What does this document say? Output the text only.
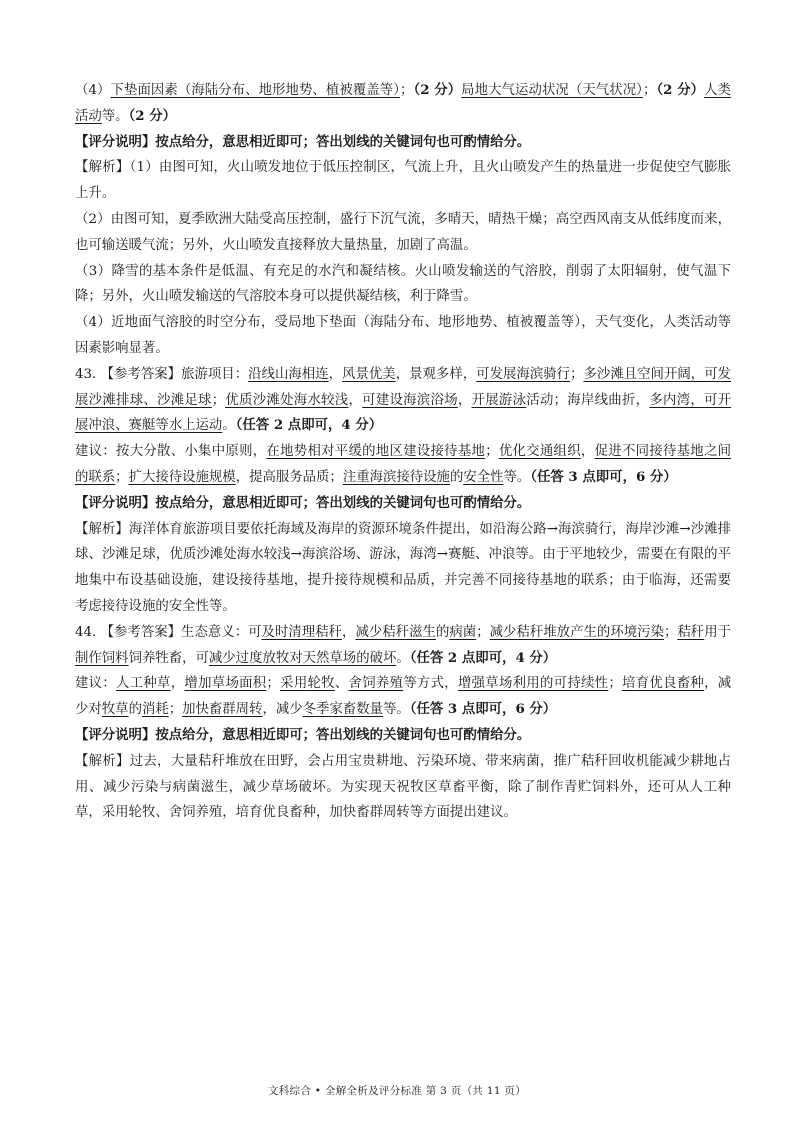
（4）下垫面因素（海陆分布、地形地势、植被覆盖等）；（2 分）局地大气运动状况（天气状况）；（2 分）人类活动等。（2 分）

【评分说明】按点给分，意思相近即可；答出划线的关键词句也可酌情给分。

【解析】（1）由图可知，火山喷发地位于低压控制区，气流上升，且火山喷发产生的热量进一步促使空气膨胀上升。

（2）由图可知，夏季欧洲大陆受高压控制，盛行下沉气流，多晴天，晴热干燥；高空西风南支从低纬度而来，也可输送暖气流；另外，火山喷发直接释放大量热量，加剧了高温。

（3）降雪的基本条件是低温、有充足的水汽和凝结核。火山喷发输送的气溶胶，削弱了太阳辐射，使气温下降；另外，火山喷发输送的气溶胶本身可以提供凝结核，利于降雪。

（4）近地面气溶胶的时空分布，受局地下垫面（海陆分布、地形地势、植被覆盖等），天气变化，人类活动等因素影响显著。

43. 【参考答案】旅游项目：沿线山海相连，风景优美，景观多样，可发展海滨骑行；多沙滩且空间开阔，可发展沙滩排球、沙滩足球；优质沙滩处海水较浅，可建设海滨浴场，开展游泳活动；海岸线曲折，多内湾，可开展冲浪、赛艇等水上运动。（任答 2 点即可，4 分）

建议：按大分散、小集中原则，在地势相对平缓的地区建设接待基地；优化交通组织，促进不同接待基地之间的联系；扩大接待设施规模，提高服务品质；注重海滨接待设施的安全性等。（任答 3 点即可，6 分）

【评分说明】按点给分，意思相近即可；答出划线的关键词句也可酌情给分。

【解析】海洋体育旅游项目要依托海域及海岸的资源环境条件提出，如沿海公路→海滨骑行，海岸沙滩→沙滩排球、沙滩足球，优质沙滩处海水较浅→海滨浴场、游泳，海湾→赛艇、冲浪等。由于平地较少，需要在有限的平地集中布设基础设施，建设接待基地，提升接待规模和品质，并完善不同接待基地的联系；由于临海，还需要考虑接待设施的安全性等。

44. 【参考答案】生态意义：可及时清理秸秆，减少秸秆滋生的病菌；减少秸秆堆放产生的环境污染；秸秆用于制作饲料饲养牲畜，可减少过度放牧对天然草场的破坏。（任答 2 点即可，4 分）

建议：人工种草，增加草场面积；采用轮牧、舍饲养殖等方式，增强草场利用的可持续性；培育优良畜种，减少对牧草的消耗；加快畜群周转，减少冬季家畜数量等。（任答 3 点即可，6 分）

【评分说明】按点给分，意思相近即可；答出划线的关键词句也可酌情给分。

【解析】过去，大量秸秆堆放在田野，会占用宝贵耕地、污染环境、带来病菌，推广秸秆回收机能减少耕地占用、减少污染与病菌滋生，减少草场破坏。为实现天祝牧区草畜平衡，除了制作青贮饲料外，还可从人工种草，采用轮牧、舍饲养殖，培育优良畜种，加快畜群周转等方面提出建议。

文科综合 • 全解全析及评分标准 第 3 页（共 11 页）
